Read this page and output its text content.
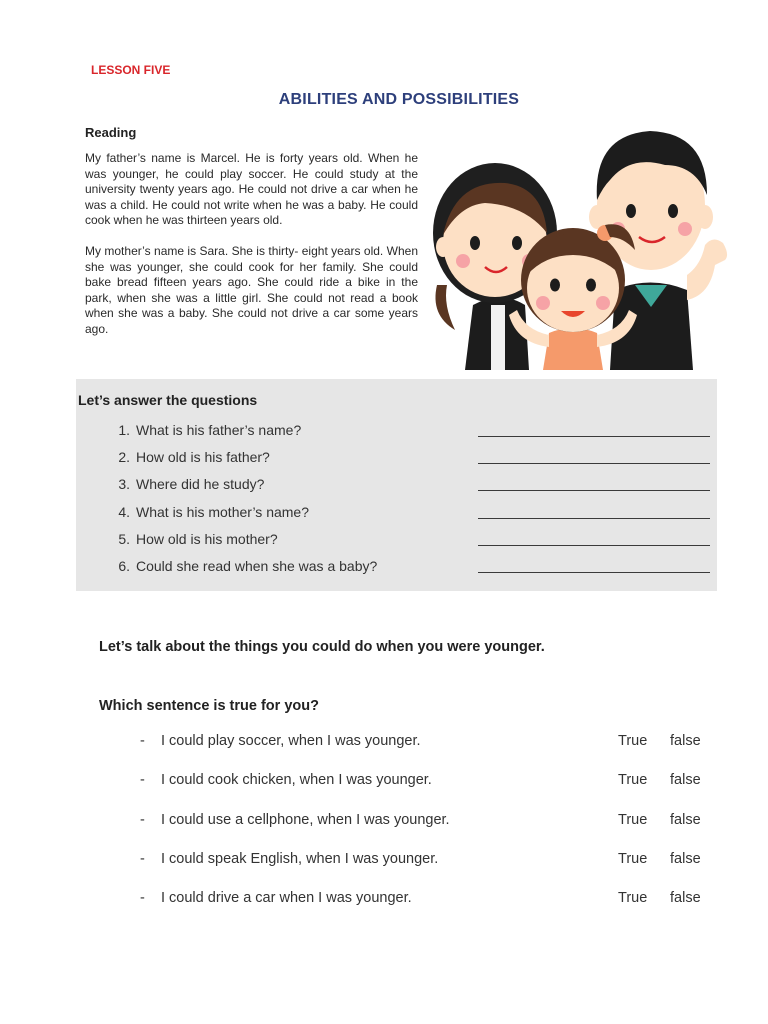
LESSON FIVE
ABILITIES AND POSSIBILITIES
Reading
My father’s name is Marcel. He is forty years old. When he was younger, he could play soccer. He could study at the university twenty years ago. He could not drive a car when he was a child. He could not write when he was a baby. He could cook when he was thirteen years old.
My mother’s name is Sara. She is thirty- eight years old. When she was younger, she could cook for her family. She could bake bread fifteen years ago. She could ride a bike in the park, when she was a little girl. She could not read a book when she was a baby. She could not drive a car some years ago.
Let’s answer the questions
1. What is his father’s name?
2. How old is his father?
3. Where did he study?
4. What is his mother’s name?
5. How old is his mother?
6. Could she read when she was a baby?
Let’s talk about the things you could do when you were younger.
Which sentence is true for you?
- I could play soccer, when I was younger.	True false
- I could cook chicken, when I was younger.	True false
- I could use a cellphone, when I was younger.	True false
- I could speak English, when I was younger.	True false
- I could drive a car when I was younger.	True false
